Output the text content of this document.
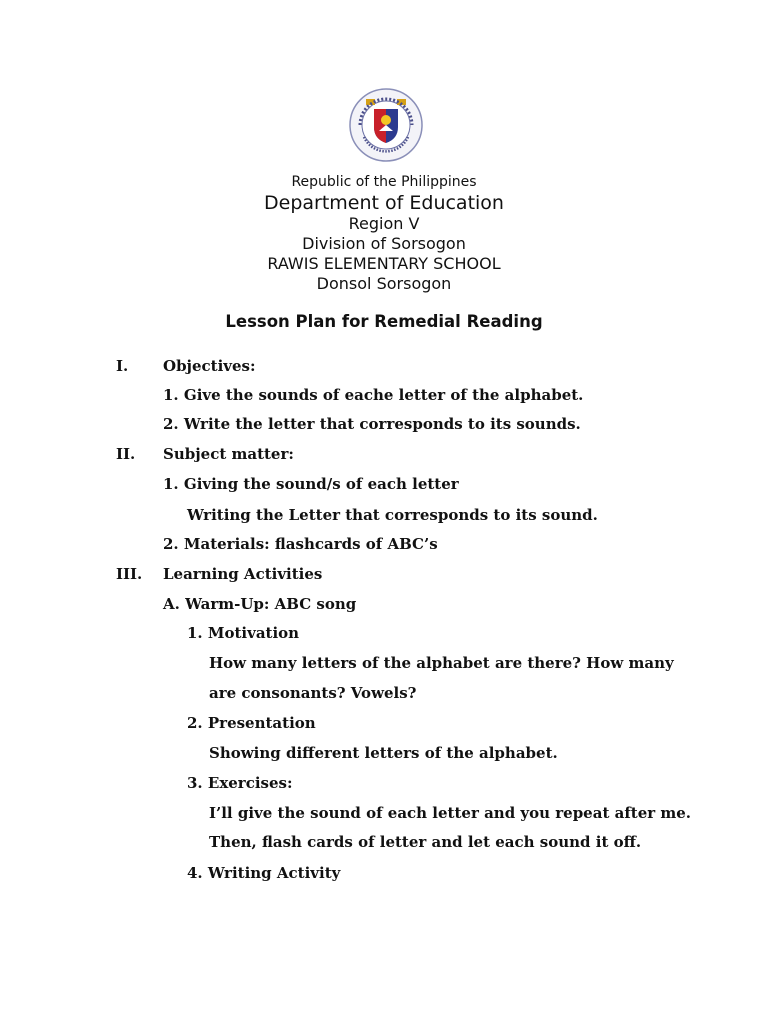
Republic of the Philippines
Department of Education
Region V
Division of Sorsogon
RAWIS ELEMENTARY SCHOOL
Donsol Sorsogon
Lesson Plan for Remedial Reading
I. Objectives:
1. Give the sounds of eache letter of the alphabet.
2. Write the letter that corresponds to its sounds.
II. Subject matter:
1. Giving the sound/s of each letter
Writing the Letter that corresponds to its sound.
2. Materials: flashcards of ABC’s
III. Learning Activities
A. Warm-Up: ABC song
1. Motivation
How many letters of the alphabet are there? How many
are consonants? Vowels?
2. Presentation
Showing different letters of the alphabet.
3. Exercises:
I’ll give the sound of each letter and you repeat after me.
Then, flash cards of letter and let each sound it off.
4. Writing Activity
